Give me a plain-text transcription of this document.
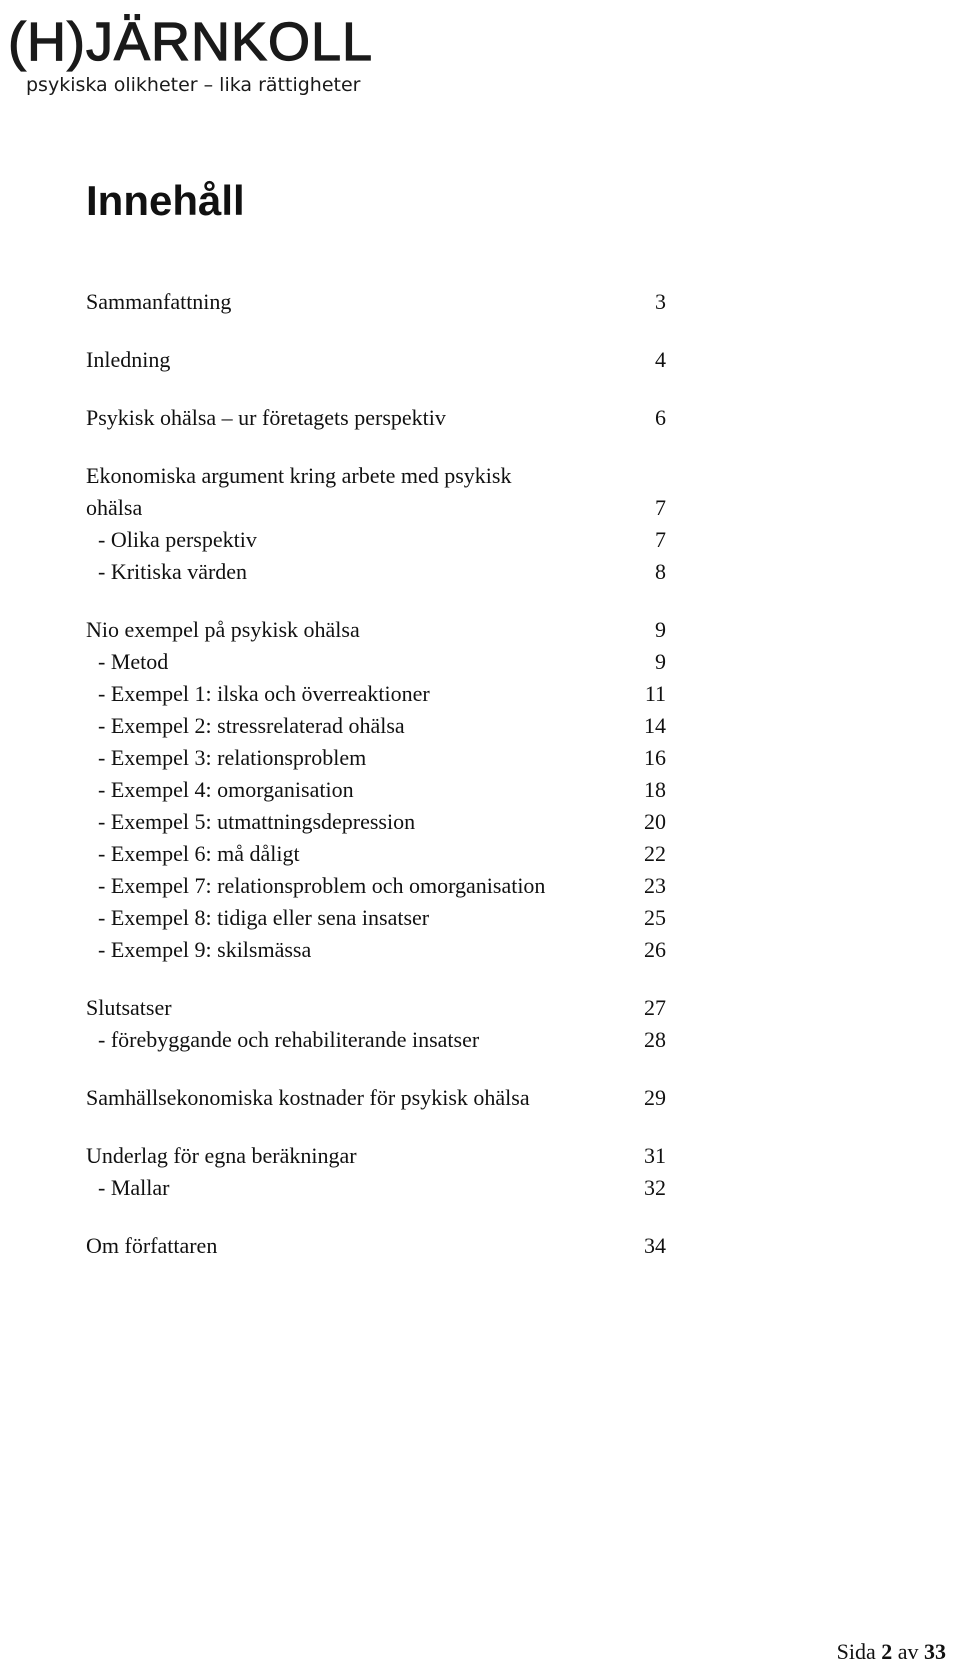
(H)JÄRNKOLL
psykiska olikheter – lika rättigheter
Innehåll
Sammanfattning	3
Inledning	4
Psykisk ohälsa – ur företagets perspektiv	6
Ekonomiska argument kring arbete med psykisk
ohälsa	7
- Olika perspektiv	7
- Kritiska värden	8
Nio exempel på psykisk ohälsa	9
- Metod	9
- Exempel 1: ilska och överreaktioner	11
- Exempel 2: stressrelaterad ohälsa	14
- Exempel 3: relationsproblem	16
- Exempel 4: omorganisation	18
- Exempel 5: utmattningsdepression	20
- Exempel 6: må dåligt	22
- Exempel 7: relationsproblem och omorganisation	23
- Exempel 8: tidiga eller sena insatser	25
- Exempel 9: skilsmässa	26
Slutsatser	27
- förebyggande och rehabiliterande insatser	28
Samhällsekonomiska kostnader för psykisk ohälsa	29
Underlag för egna beräkningar	31
- Mallar	32
Om författaren	34
Sida 2 av 33
